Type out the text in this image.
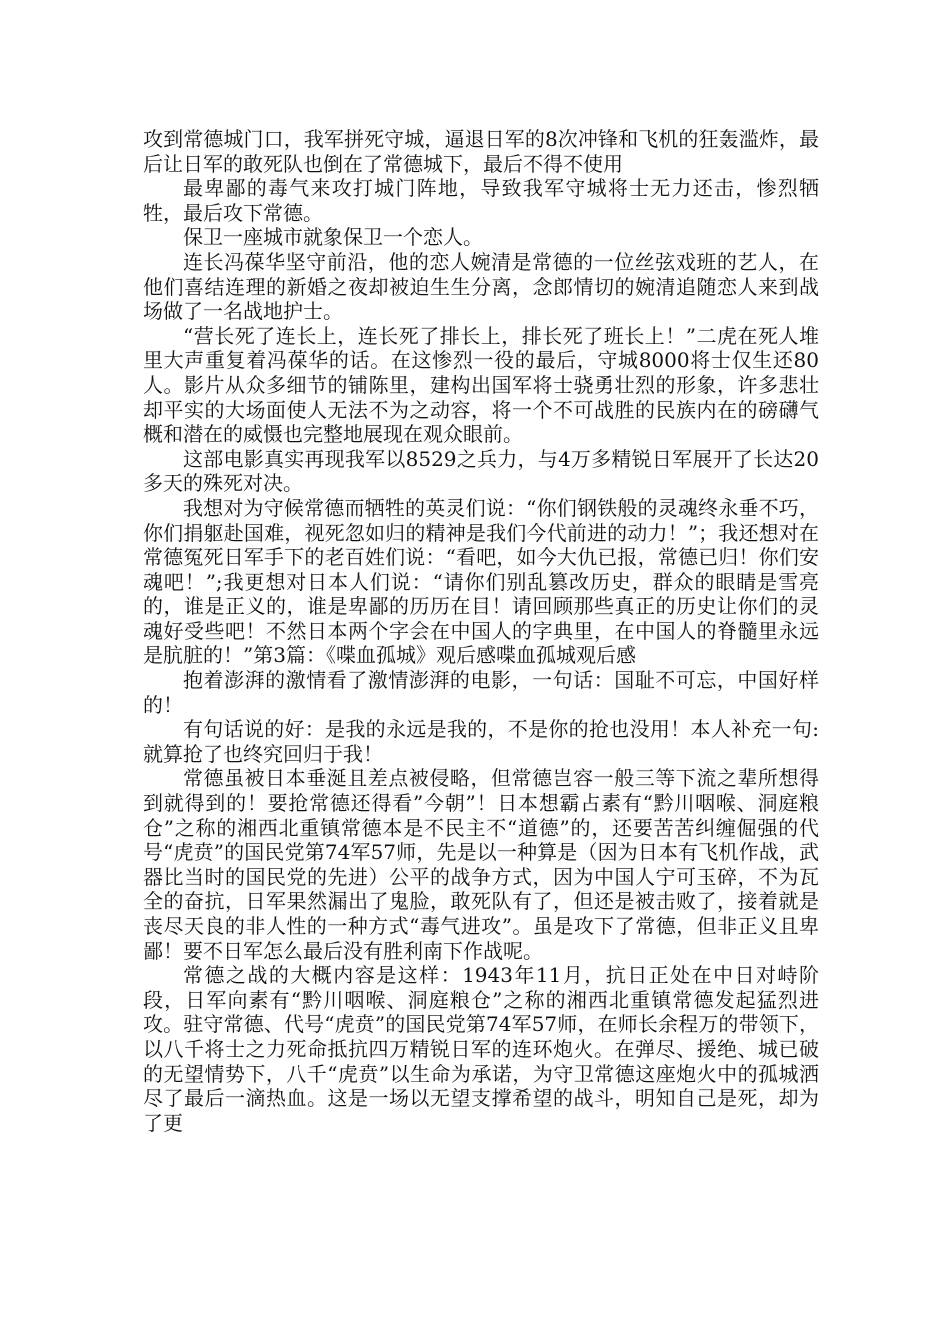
攻到常德城门口，我军拼死守城，逼退日军的8次冲锋和飞机的狂轰滥炸，最后让日军的敢死队也倒在了常德城下，最后不得不使用

最卑鄙的毒气来攻打城门阵地，导致我军守城将士无力还击，惨烈牺牲，最后攻下常德。

保卫一座城市就象保卫一个恋人。

连长冯葆华坚守前沿，他的恋人婉清是常德的一位丝弦戏班的艺人，在他们喜结连理的新婚之夜却被迫生生分离，念郎情切的婉清追随恋人来到战场做了一名战地护士。

“营长死了连长上，连长死了排长上，排长死了班长上！”二虎在死人堆里大声重复着冯葆华的话。在这惨烈一役的最后，守城8000将士仅生还80人。影片从众多细节的铺陈里，建构出国军将士骁勇壮烈的形象，许多悲壮却平实的大场面使人无法不为之动容，将一个不可战胜的民族内在的磅礴气概和潜在的威慑也完整地展现在观众眼前。

这部电影真实再现我军以8529之兵力，与4万多精锐日军展开了长达20多天的殊死对决。

我想对为守候常德而牺牲的英灵们说：“你们钢铁般的灵魂终永垂不巧，你们捐躯赴国难，视死忽如归的精神是我们今代前进的动力！”；我还想对在常德冤死日军手下的老百姓们说：“看吧，如今大仇已报，常德已归！你们安魂吧！”;我更想对日本人们说：“请你们别乱篡改历史，群众的眼睛是雪亮的，谁是正义的，谁是卑鄙的历历在目！请回顾那些真正的历史让你们的灵魂好受些吧！不然日本两个字会在中国人的字典里，在中国人的脊髓里永远是肮脏的！”第3篇：《喋血孤城》观后感喋血孤城观后感

抱着澎湃的激情看了激情澎湃的电影，一句话：国耻不可忘，中国好样的！

有句话说的好：是我的永远是我的，不是你的抢也没用！本人补充一句:就算抢了也终究回归于我！

常德虽被日本垂涎且差点被侵略，但常德岂容一般三等下流之辈所想得到就得到的！要抢常德还得看”今朝”！日本想霸占素有“黔川咽喉、洞庭粮仓”之称的湘西北重镇常德本是不民主不“道德”的，还要苦苦纠缠倔强的代号“虎贲”的国民党第74军57师，先是以一种算是（因为日本有飞机作战，武器比当时的国民党的先进）公平的战争方式，因为中国人宁可玉碎，不为瓦全的奋抗，日军果然漏出了鬼脸，敢死队有了，但还是被击败了，接着就是丧尽天良的非人性的一种方式“毒气进攻”。虽是攻下了常德，但非正义且卑鄙！要不日军怎么最后没有胜利南下作战呢。

常德之战的大概内容是这样：1943年11月，抗日正处在中日对峙阶段，日军向素有“黔川咽喉、洞庭粮仓”之称的湘西北重镇常德发起猛烈进攻。驻守常德、代号“虎贲”的国民党第74军57师，在师长余程万的带领下，以八千将士之力死命抵抗四万精锐日军的连环炮火。在弹尽、援绝、城已破的无望情势下，八千“虎贲”以生命为承诺，为守卫常德这座炮火中的孤城洒尽了最后一滴热血。这是一场以无望支撑希望的战斗，明知自己是死，却为了更
